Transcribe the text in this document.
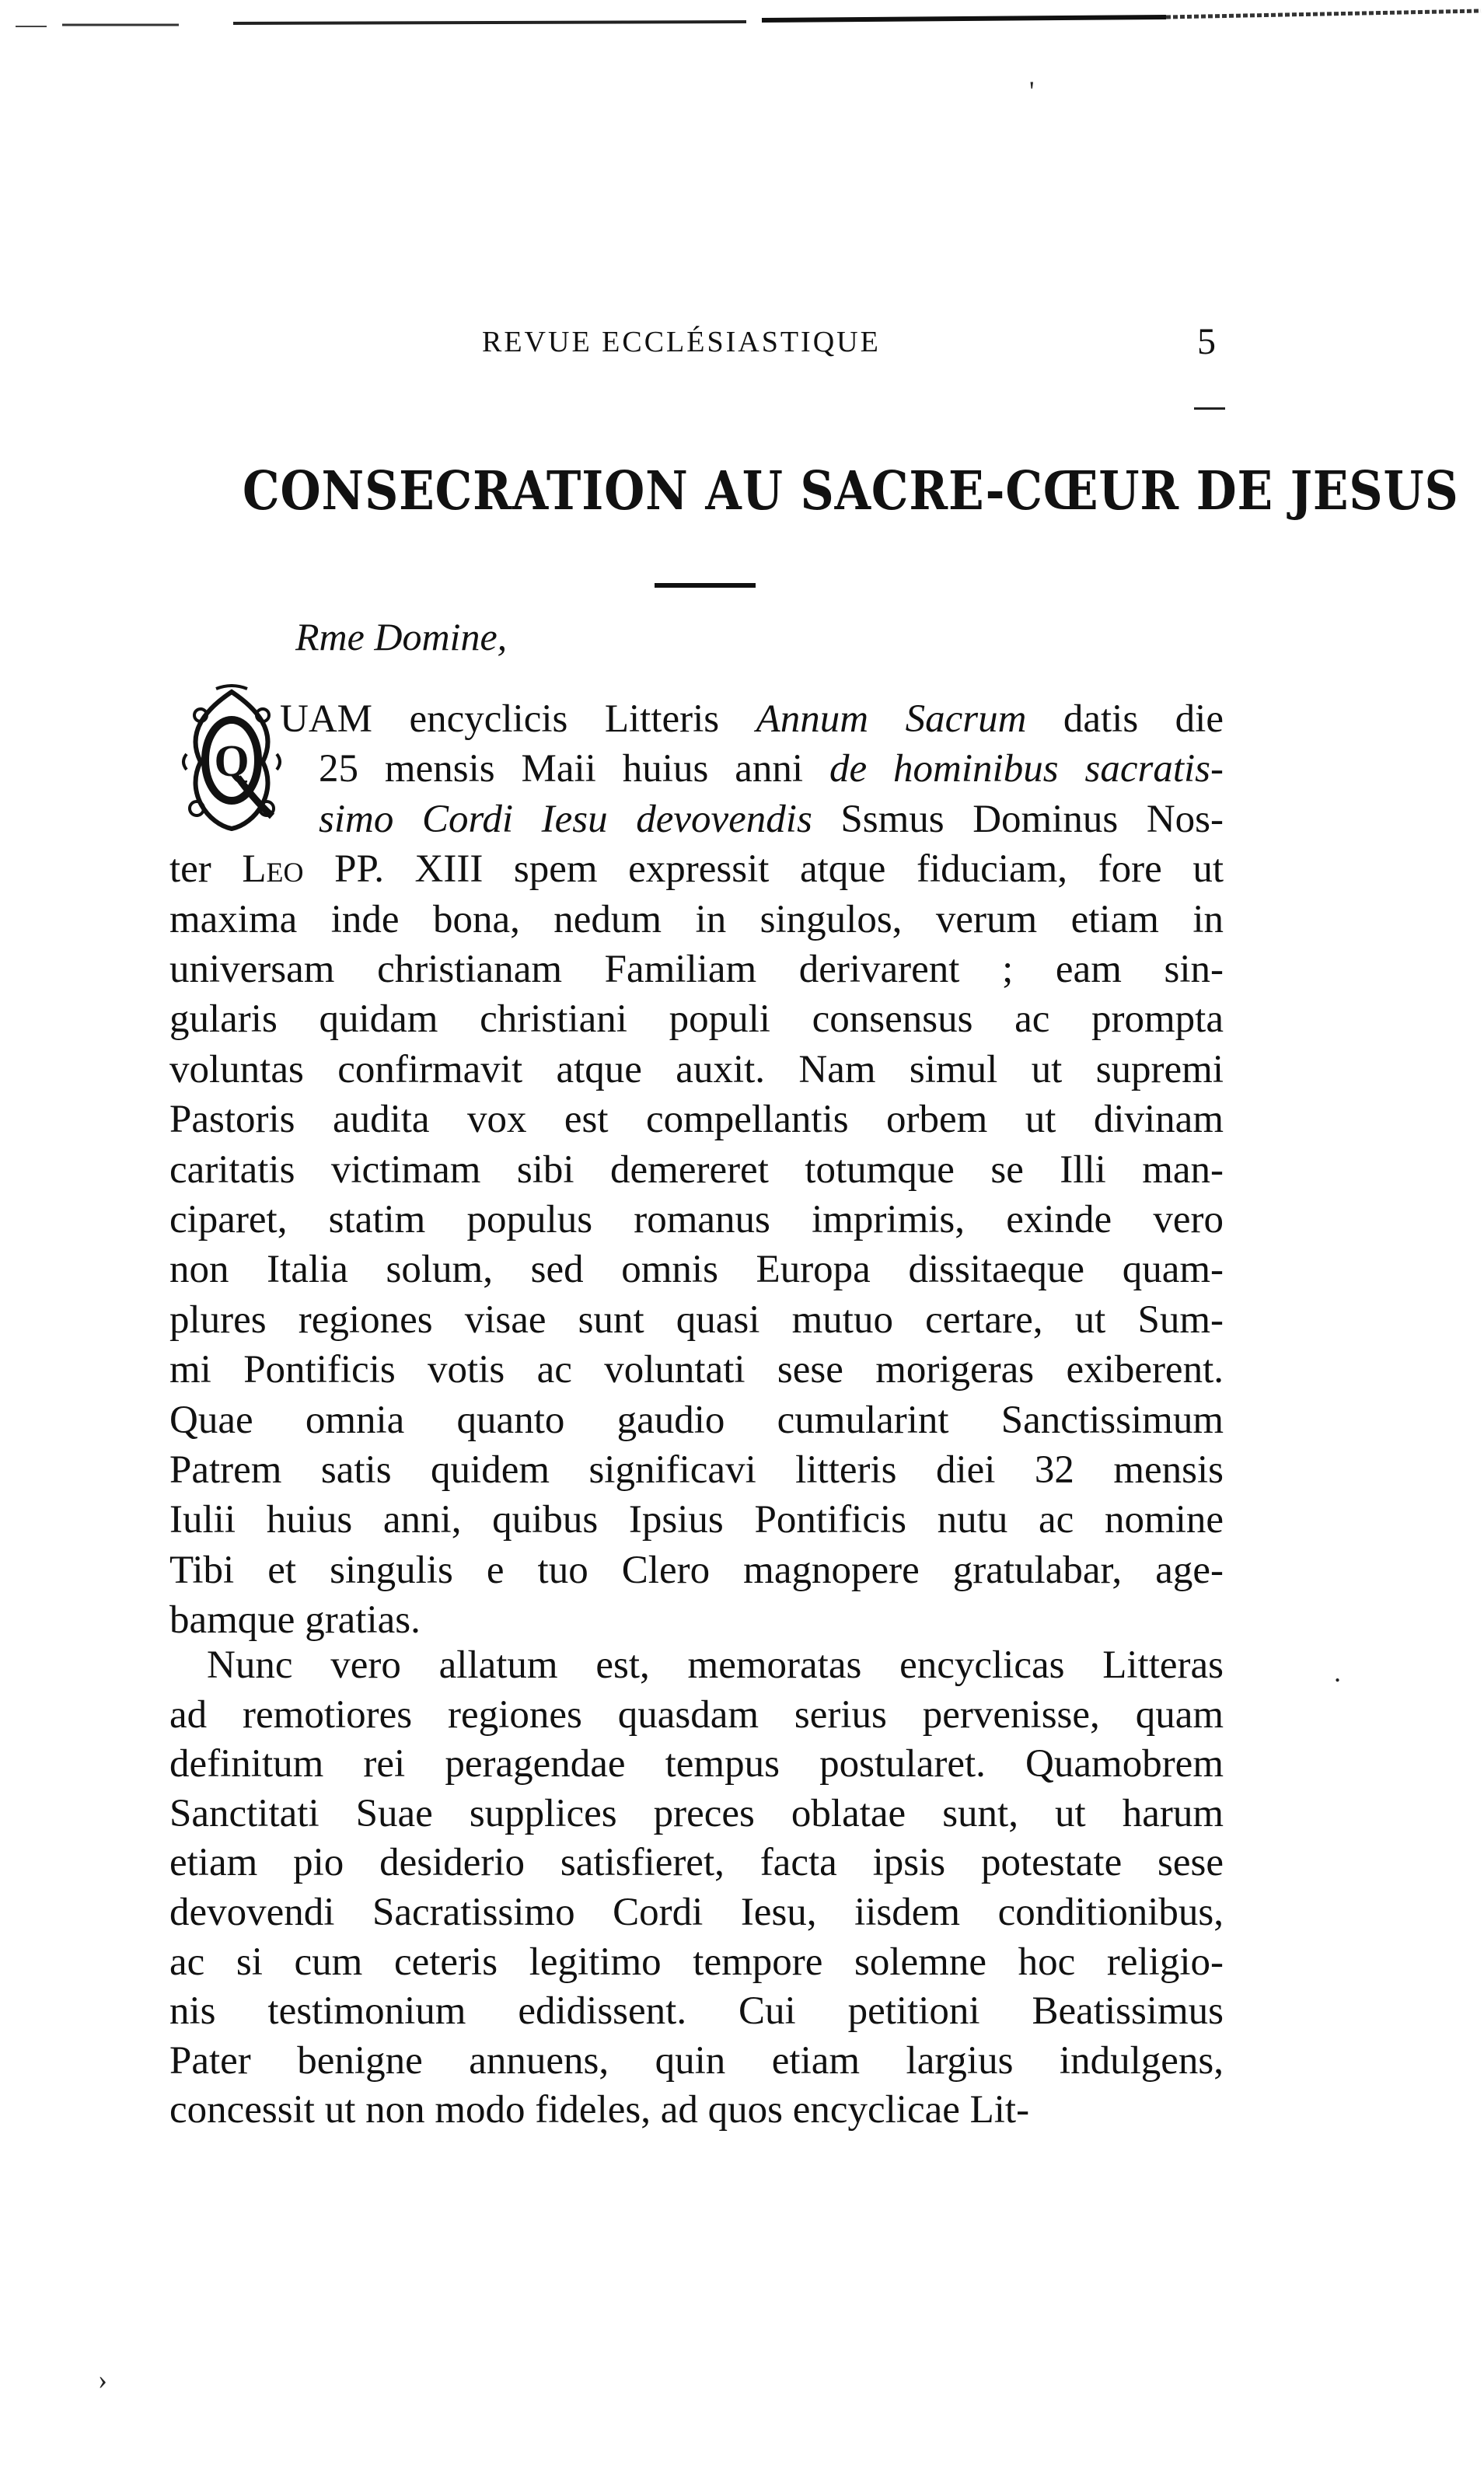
REVUE ECCLÉSIASTIQUE	5
CONSECRATION AU SACRE-CŒUR DE JESUS
Rme Domine,
Q
UAM encyclicis Litteris Annum Sacrum datis die
25 mensis Maii huius anni de hominibus sacratis-
simo Cordi Iesu devovendis Ssmus Dominus Nos-
ter Leo PP. XIII spem expressit atque fiduciam, fore ut
maxima inde bona, nedum in singulos, verum etiam in
universam christianam Familiam derivarent ; eam sin-
gularis quidam christiani populi consensus ac prompta
voluntas confirmavit atque auxit. Nam simul ut supremi
Pastoris audita vox est compellantis orbem ut divinam
caritatis victimam sibi demereret totumque se Illi man-
ciparet, statim populus romanus imprimis, exinde vero
non Italia solum, sed omnis Europa dissitaeque quam-
plures regiones visae sunt quasi mutuo certare, ut Sum-
mi Pontificis votis ac voluntati sese morigeras exiberent.
Quae omnia quanto gaudio cumularint Sanctissimum
Patrem satis quidem significavi litteris diei 32 mensis
Iulii huius anni, quibus Ipsius Pontificis nutu ac nomine
Tibi et singulis e tuo Clero magnopere gratulabar, age-
bamque gratias.
Nunc vero allatum est, memoratas encyclicas Litteras
ad remotiores regiones quasdam serius pervenisse, quam
definitum rei peragendae tempus postularet. Quamobrem
Sanctitati Suae supplices preces oblatae sunt, ut harum
etiam pio desiderio satisfieret, facta ipsis potestate sese
devovendi Sacratissimo Cordi Iesu, iisdem conditionibus,
ac si cum ceteris legitimo tempore solemne hoc religio-
nis testimonium edidissent. Cui petitioni Beatissimus
Pater benigne annuens, quin etiam largius indulgens,
concessit ut non modo fideles, ad quos encyclicae Lit-
'
.
›
